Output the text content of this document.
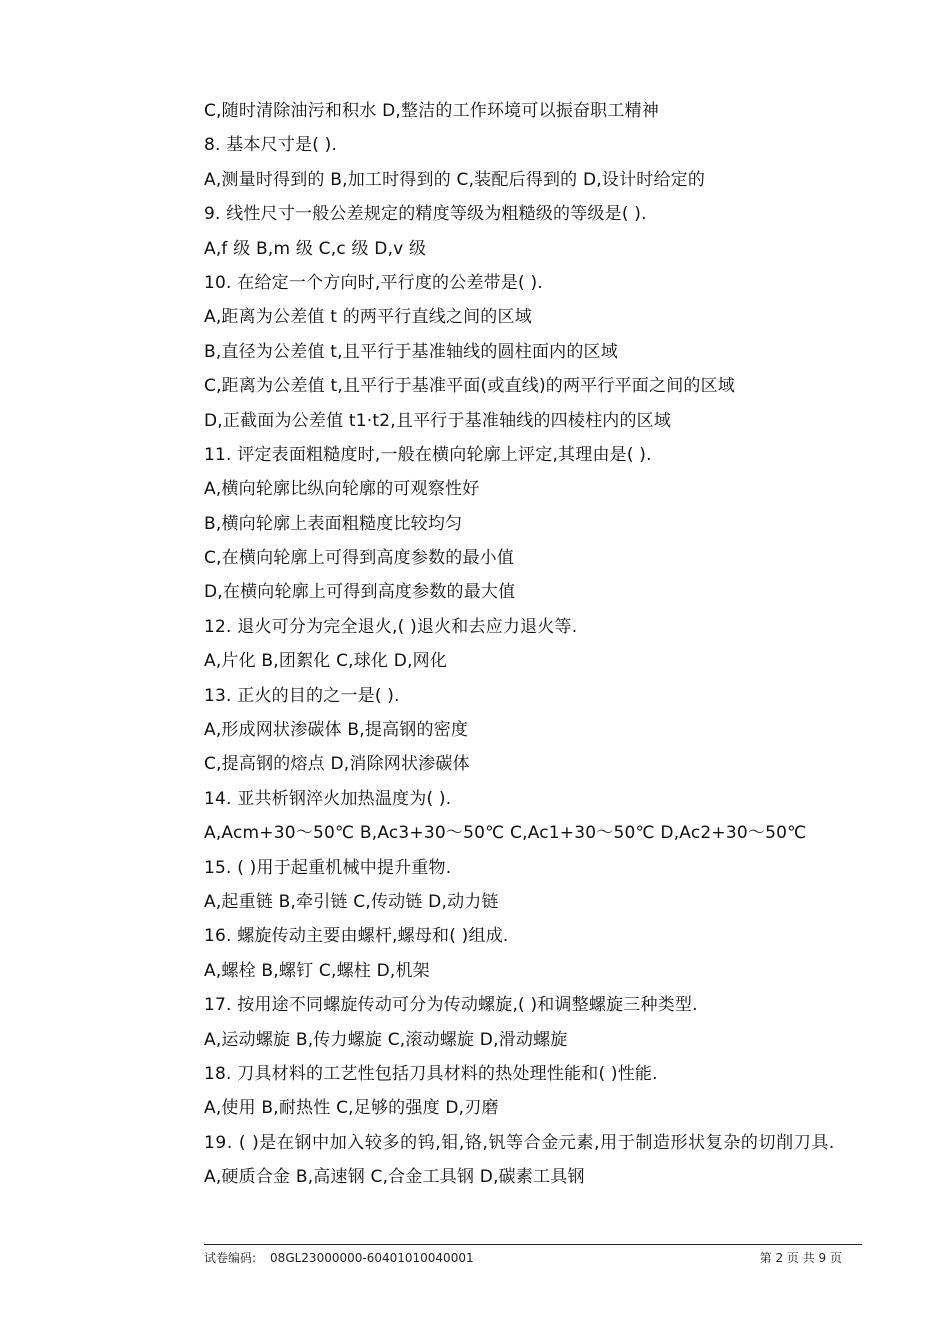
C,随时清除油污和积水 D,整洁的工作环境可以振奋职工精神
8. 基本尺寸是( ).
A,测量时得到的 B,加工时得到的 C,装配后得到的 D,设计时给定的
9. 线性尺寸一般公差规定的精度等级为粗糙级的等级是( ).
A,f 级 B,m 级 C,c 级 D,v 级
10. 在给定一个方向时,平行度的公差带是( ).
A,距离为公差值 t 的两平行直线之间的区域
B,直径为公差值 t,且平行于基准轴线的圆柱面内的区域
C,距离为公差值 t,且平行于基准平面(或直线)的两平行平面之间的区域
D,正截面为公差值 t1·t2,且平行于基准轴线的四棱柱内的区域
11. 评定表面粗糙度时,一般在横向轮廓上评定,其理由是( ).
A,横向轮廓比纵向轮廓的可观察性好
B,横向轮廓上表面粗糙度比较均匀
C,在横向轮廓上可得到高度参数的最小值
D,在横向轮廓上可得到高度参数的最大值
12. 退火可分为完全退火,( )退火和去应力退火等.
A,片化 B,团絮化 C,球化 D,网化
13. 正火的目的之一是( ).
A,形成网状渗碳体 B,提高钢的密度
C,提高钢的熔点 D,消除网状渗碳体
14. 亚共析钢淬火加热温度为( ).
A,Acm+30～50℃ B,Ac3+30～50℃ C,Ac1+30～50℃ D,Ac2+30～50℃
15. ( )用于起重机械中提升重物.
A,起重链 B,牵引链 C,传动链 D,动力链
16. 螺旋传动主要由螺杆,螺母和( )组成.
A,螺栓 B,螺钉 C,螺柱 D,机架
17. 按用途不同螺旋传动可分为传动螺旋,( )和调整螺旋三种类型.
A,运动螺旋 B,传力螺旋 C,滚动螺旋 D,滑动螺旋
18. 刀具材料的工艺性包括刀具材料的热处理性能和( )性能.
A,使用 B,耐热性 C,足够的强度 D,刃磨
19. ( )是在钢中加入较多的钨,钼,铬,钒等合金元素,用于制造形状复杂的切削刀具.
A,硬质合金 B,高速钢 C,合金工具钢 D,碳素工具钢
试卷编码: 08GL23000000-60401010040001	第 2 页 共 9 页
